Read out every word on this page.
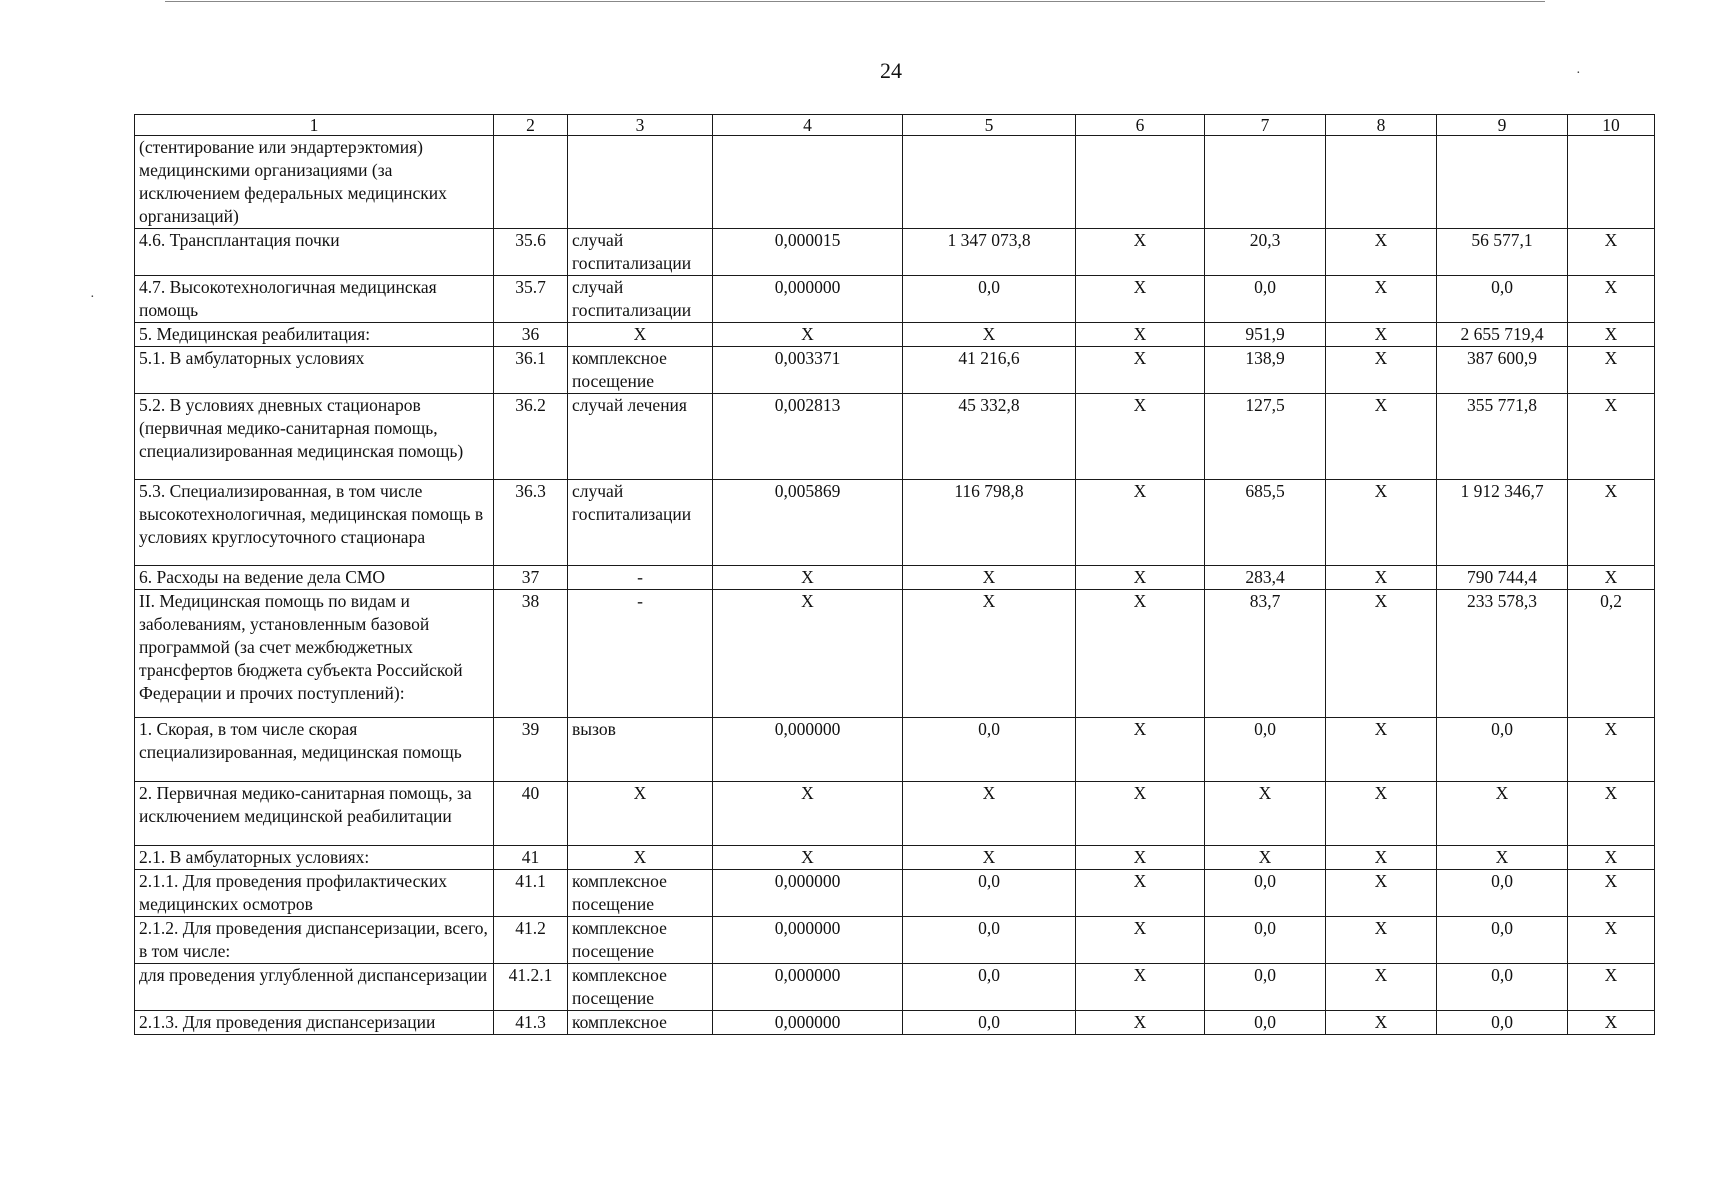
24	·
·
1	2	3	4	5	6	7	8	9	10
(стентирование или эндартерэктомия) медицинскими организациями (за исключением федеральных медицинских организаций)									
4.6. Трансплантация почки	35.6	случай госпитализации	0,000015	1 347 073,8	Х	20,3	Х	56 577,1	Х
4.7. Высокотехнологичная медицинская помощь	35.7	случай госпитализации	0,000000	0,0	Х	0,0	Х	0,0	Х
5. Медицинская реабилитация:	36	Х	Х	Х	Х	951,9	Х	2 655 719,4	Х
5.1. В амбулаторных условиях	36.1	комплексное посещение	0,003371	41 216,6	Х	138,9	Х	387 600,9	Х
5.2. В условиях дневных стационаров (первичная медико-санитарная помощь, специализированная медицинская помощь)	36.2	случай лечения	0,002813	45 332,8	Х	127,5	Х	355 771,8	Х
5.3. Специализированная, в том числе высокотехнологичная, медицинская помощь в условиях круглосуточного стационара	36.3	случай госпитализации	0,005869	116 798,8	Х	685,5	Х	1 912 346,7	Х
6. Расходы на ведение дела СМО	37	-	Х	Х	Х	283,4	Х	790 744,4	Х
II. Медицинская помощь по видам и заболеваниям, установленным базовой программой (за счет межбюджетных трансфертов бюджета субъекта Российской Федерации и прочих поступлений):	38	-	Х	Х	Х	83,7	Х	233 578,3	0,2
1. Скорая, в том числе скорая специализированная, медицинская помощь	39	вызов	0,000000	0,0	Х	0,0	Х	0,0	Х
2. Первичная медико-санитарная помощь, за исключением медицинской реабилитации	40	Х	Х	Х	Х	Х	Х	Х	Х
2.1. В амбулаторных условиях:	41	Х	Х	Х	Х	Х	Х	Х	Х
2.1.1. Для проведения профилактических медицинских осмотров	41.1	комплексное посещение	0,000000	0,0	Х	0,0	Х	0,0	Х
2.1.2. Для проведения диспансеризации, всего, в том числе:	41.2	комплексное посещение	0,000000	0,0	Х	0,0	Х	0,0	Х
для проведения углубленной диспансеризации	41.2.1	комплексное посещение	0,000000	0,0	Х	0,0	Х	0,0	Х
2.1.3. Для проведения диспансеризации	41.3	комплексное	0,000000	0,0	Х	0,0	Х	0,0	Х
